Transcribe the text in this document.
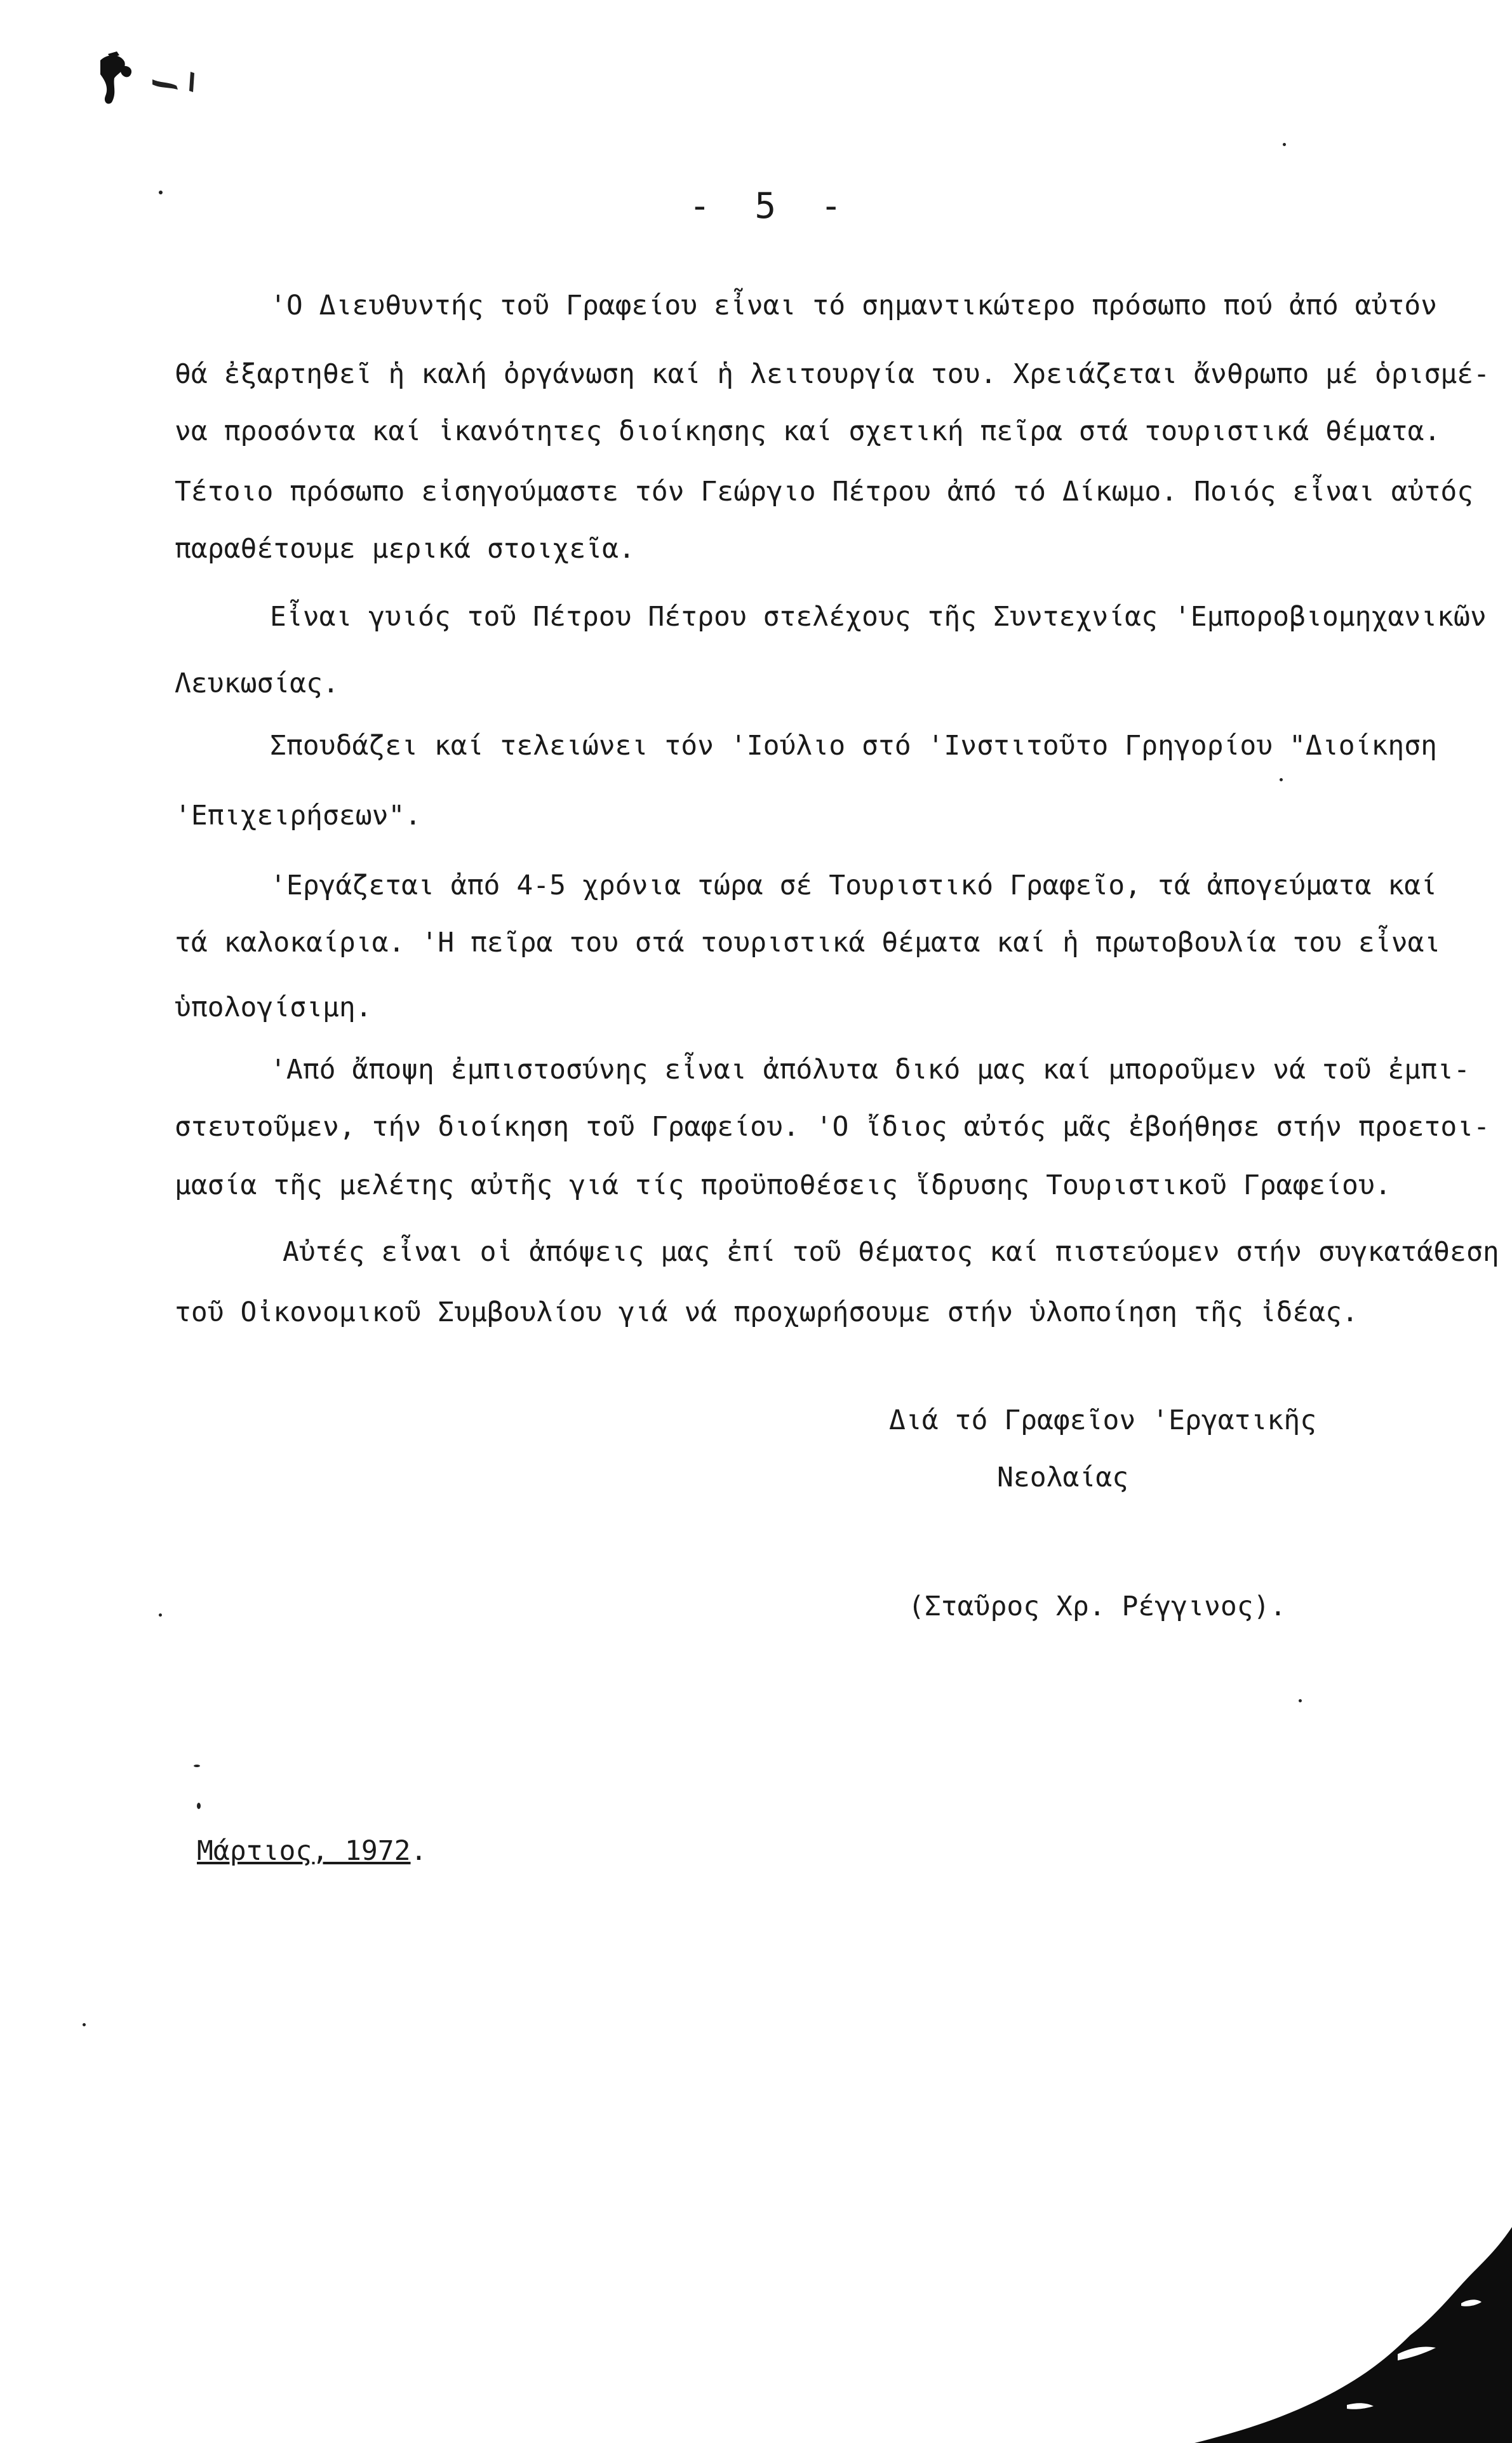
- 5 -
'Ο Διευθυντής τοῦ Γραφείου εἶναι τό σημαντικώτερο πρόσωπο πού ἀπό αὐτόν
θά ἐξαρτηθεῖ ἡ καλή ὀργάνωση καί ἡ λειτουργία του. Χρειάζεται ἄνθρωπο μέ ὁρισμέ-
να προσόντα καί ἱκανότητες διοίκησης καί σχετική πεῖρα στά τουριστικά θέματα.
Τέτοιο πρόσωπο εἰσηγούμαστε τόν Γεώργιο Πέτρου ἀπό τό Δίκωμο. Ποιός εἶναι αὐτός
παραθέτουμε μερικά στοιχεῖα.
Εἶναι γυιός τοῦ Πέτρου Πέτρου στελέχους τῆς Συντεχνίας 'Εμποροβιομηχανικῶν
Λευκωσίας.
Σπουδάζει καί τελειώνει τόν 'Ιούλιο στό 'Ινστιτοῦτο Γρηγορίου "Διοίκηση
'Επιχειρήσεων".
'Εργάζεται ἀπό 4-5 χρόνια τώρα σέ Τουριστικό Γραφεῖο, τά ἀπογεύματα καί
τά καλοκαίρια. 'Η πεῖρα του στά τουριστικά θέματα καί ἡ πρωτοβουλία του εἶναι
ὑπολογίσιμη.
'Από ἄποψη ἐμπιστοσύνης εἶναι ἀπόλυτα δικό μας καί μποροῦμεν νά τοῦ ἐμπι-
στευτοῦμεν, τήν διοίκηση τοῦ Γραφείου. 'Ο ἴδιος αὐτός μᾶς ἐβοήθησε στήν προετοι-
μασία τῆς μελέτης αὐτῆς γιά τίς προϋποθέσεις ἵδρυσης Τουριστικοῦ Γραφείου.
Αὐτές εἶναι οἱ ἀπόψεις μας ἐπί τοῦ θέματος καί πιστεύομεν στήν συγκατάθεση
τοῦ Οἰκονομικοῦ Συμβουλίου γιά νά προχωρήσουμε στήν ὑλοποίηση τῆς ἰδέας.
Διά τό Γραφεῖον 'Εργατικῆς
Νεολαίας
(Σταῦρος Χρ. Ρέγγινος).
Μάρτιος, 1972.
